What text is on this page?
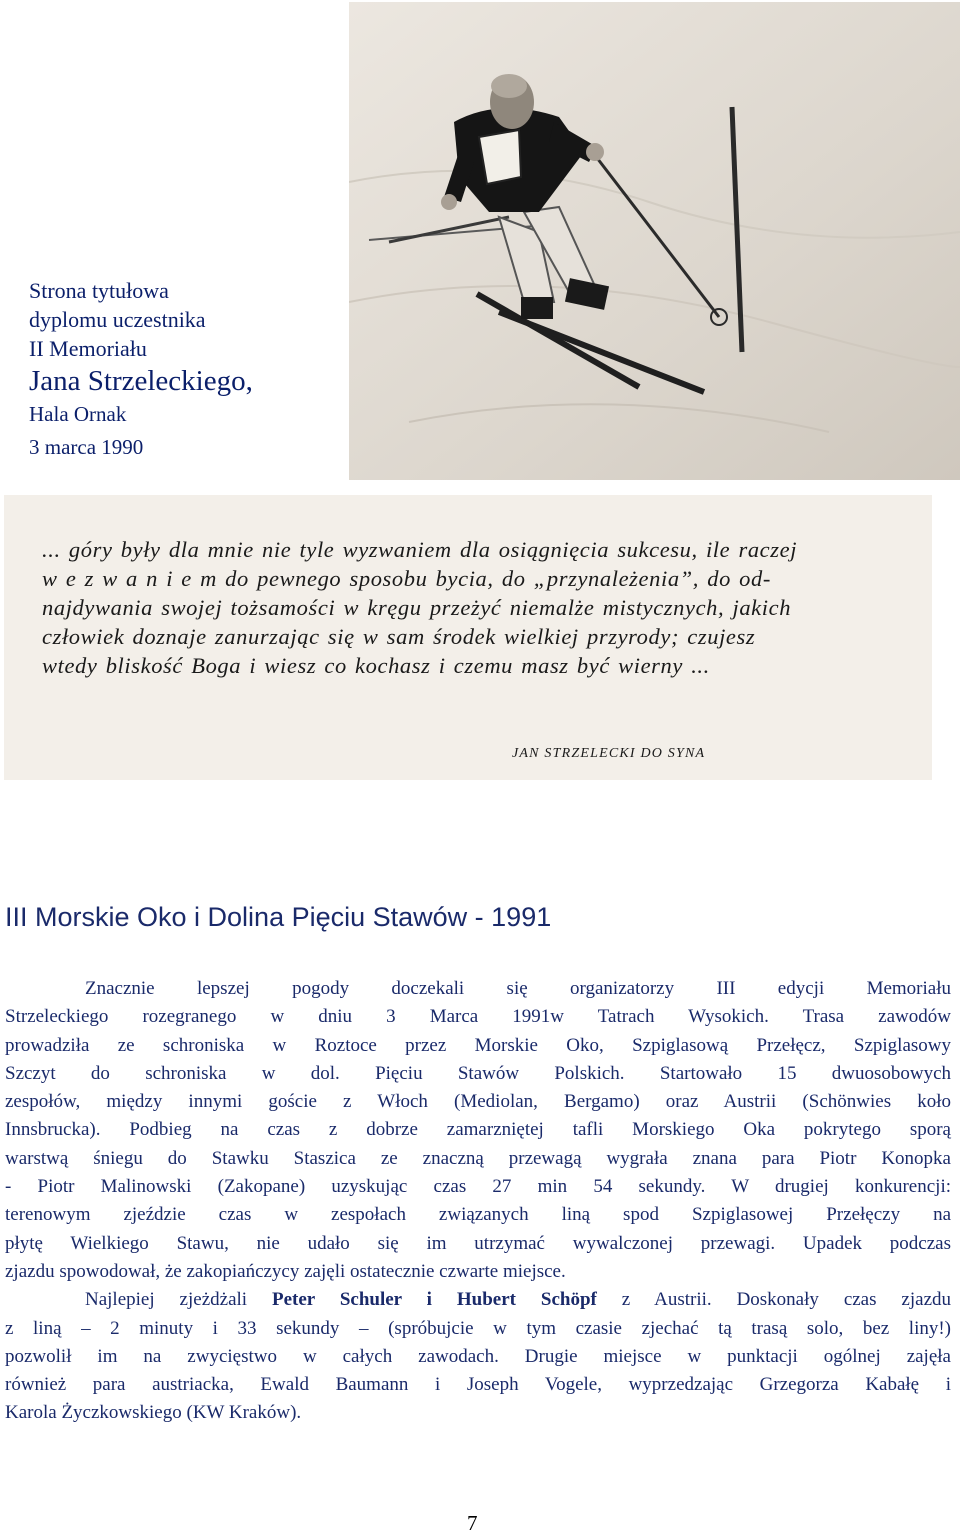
Strona tytułowa
dyplomu uczestnika
II Memoriału
Jana Strzeleckiego,
Hala Ornak
3 marca 1990
... góry były dla mnie nie tyle wyzwaniem dla osiągnięcia sukcesu, ile raczej
w e z w a n i e m do pewnego sposobu bycia, do „przynależenia”, do od-
najdywania swojej tożsamości w kręgu przeżyć niemalże mistycznych, jakich
człowiek doznaje zanurzając się w sam środek wielkiej przyrody; czujesz
wtedy bliskość Boga i wiesz co kochasz i czemu masz być wierny ...
JAN STRZELECKI DO SYNA
III Morskie Oko i Dolina Pięciu Stawów - 1991
Znacznie lepszej pogody doczekali się organizatorzy III edycji Memoriału
Strzeleckiego rozegranego w dniu 3 Marca 1991w Tatrach Wysokich. Trasa zawodów
prowadziła ze schroniska w Roztoce przez Morskie Oko, Szpiglasową Przełęcz, Szpiglasowy
Szczyt do schroniska w dol. Pięciu Stawów Polskich. Startowało 15 dwuosobowych
zespołów, między innymi goście z Włoch (Mediolan, Bergamo) oraz Austrii (Schönwies koło
Innsbrucka). Podbieg na czas z dobrze zamarzniętej tafli Morskiego Oka pokrytego sporą
warstwą śniegu do Stawku Staszica ze znaczną przewagą wygrała znana para Piotr Konopka
- Piotr Malinowski (Zakopane) uzyskując czas 27 min 54 sekundy. W drugiej konkurencji:
terenowym zjeździe czas w zespołach związanych liną spod Szpiglasowej Przełęczy na
płytę Wielkiego Stawu, nie udało się im utrzymać wywalczonej przewagi. Upadek podczas
zjazdu spowodował, że zakopiańczycy zajęli ostatecznie czwarte miejsce.
Najlepiej zjeżdżali Peter Schuler i Hubert Schöpf z Austrii. Doskonały czas zjazdu
z liną – 2 minuty i 33 sekundy – (spróbujcie w tym czasie zjechać tą trasą solo, bez liny!)
pozwolił im na zwycięstwo w całych zawodach. Drugie miejsce w punktacji ogólnej zajęła
również para austriacka, Ewald Baumann i Joseph Vogele, wyprzedzając Grzegorza Kabałę i
Karola Życzkowskiego (KW Kraków).
7
